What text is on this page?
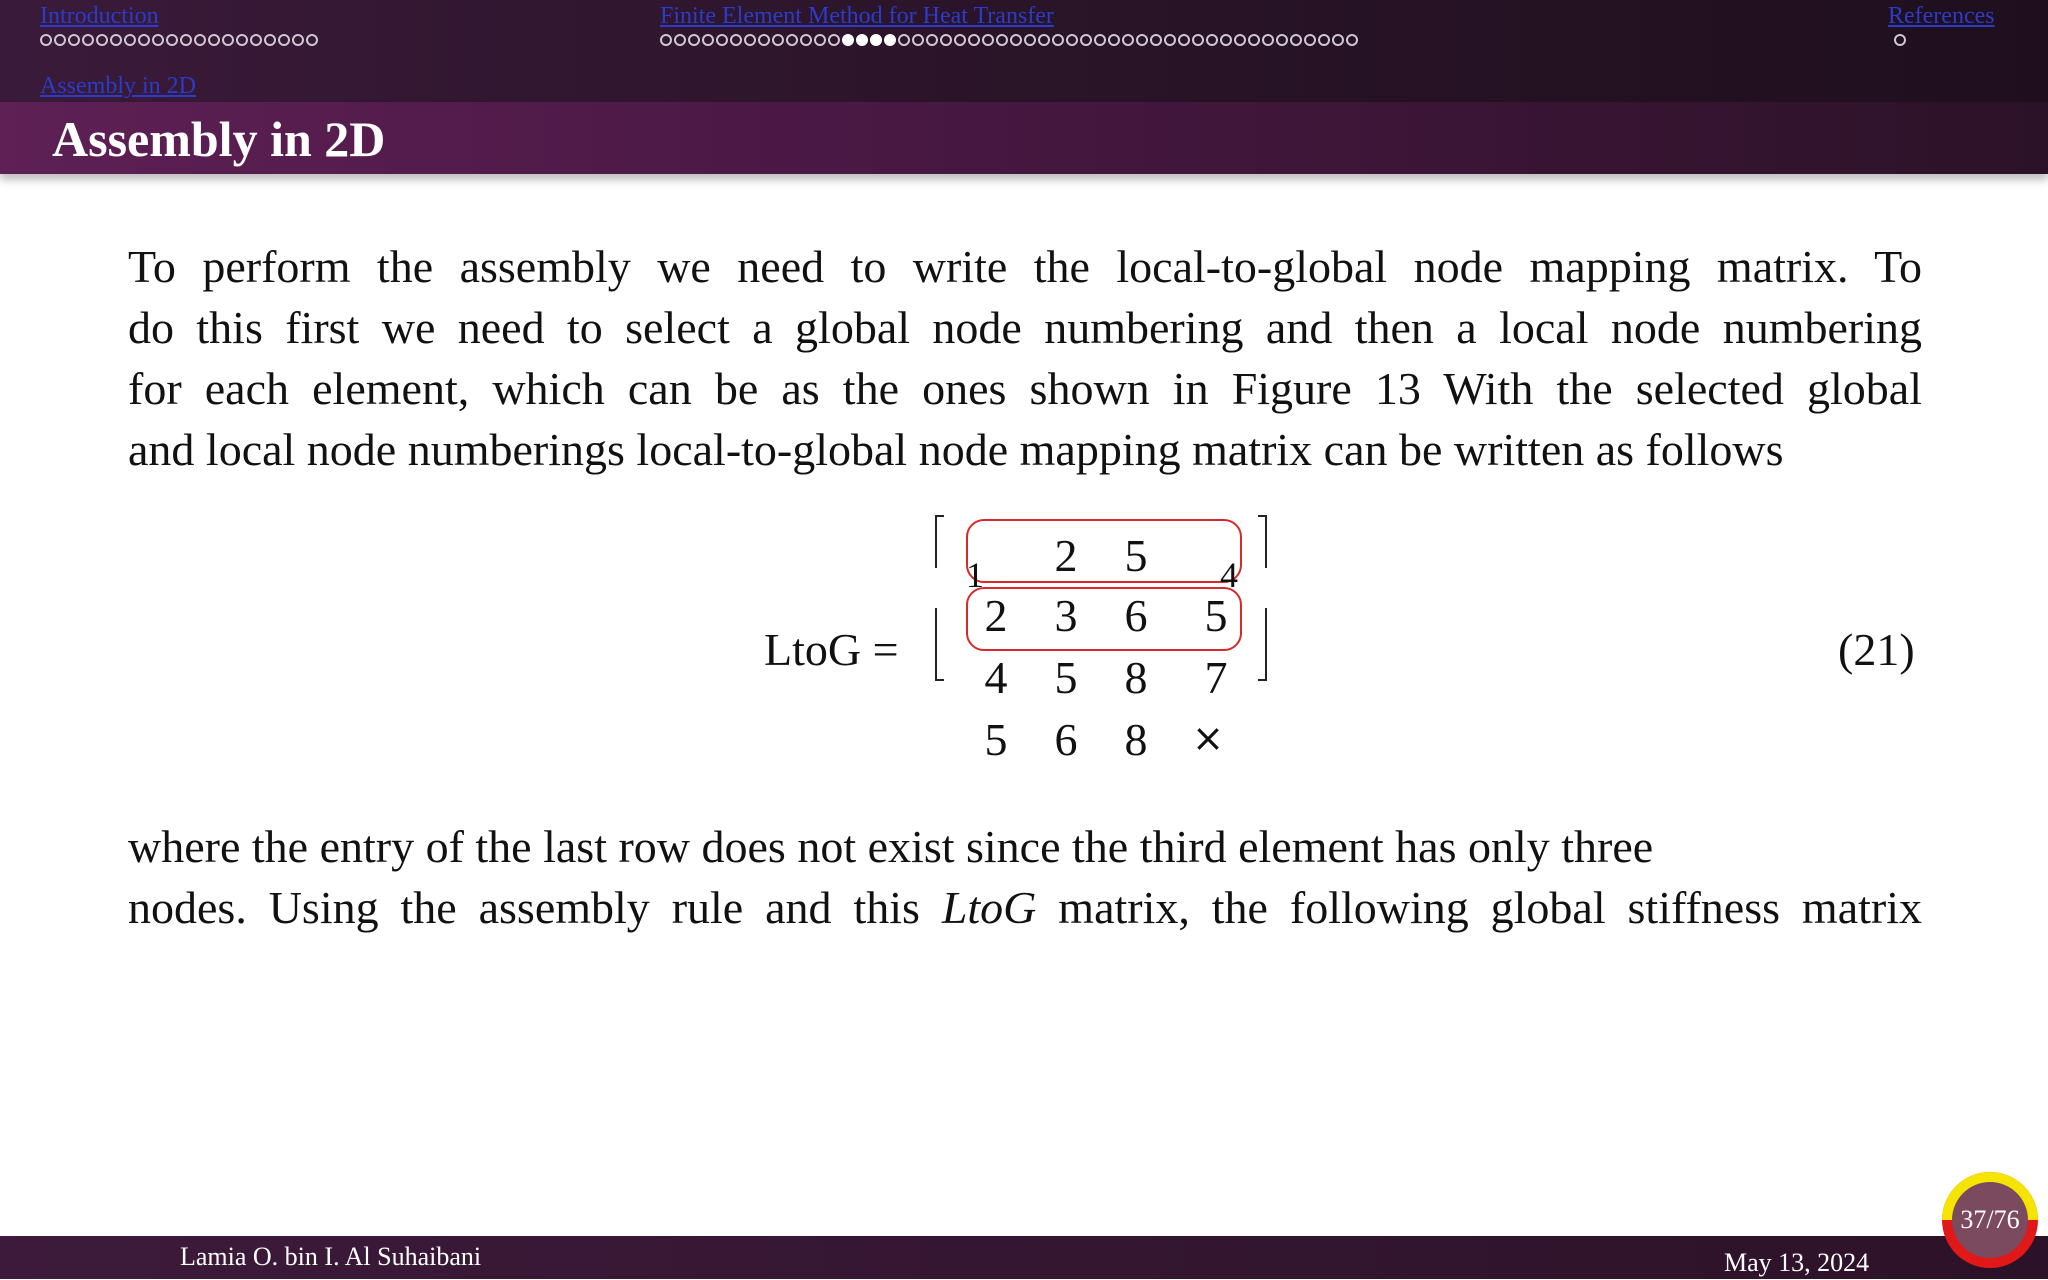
Introduction	Finite Element Method for Heat Transfer	References
Assembly in 2D
Assembly in 2D
To perform the assembly we need to write the local-to-global node mapping matrix. To
do this first we need to select a global node numbering and then a local node numbering
for each element, which can be as the ones shown in Figure 13 With the selected global
and local node numberings local-to-global node mapping matrix can be written as follows
LtoG =
1	2	5	4
2	3	6	5
4	5	8	7
5	6	8	×
(21)
where the entry of the last row does not exist since the third element has only three
nodes. Using the assembly rule and this LtoG matrix, the following global stiffness matrix
Lamia O. bin I. Al Suhaibani	May 13, 2024
37/76
